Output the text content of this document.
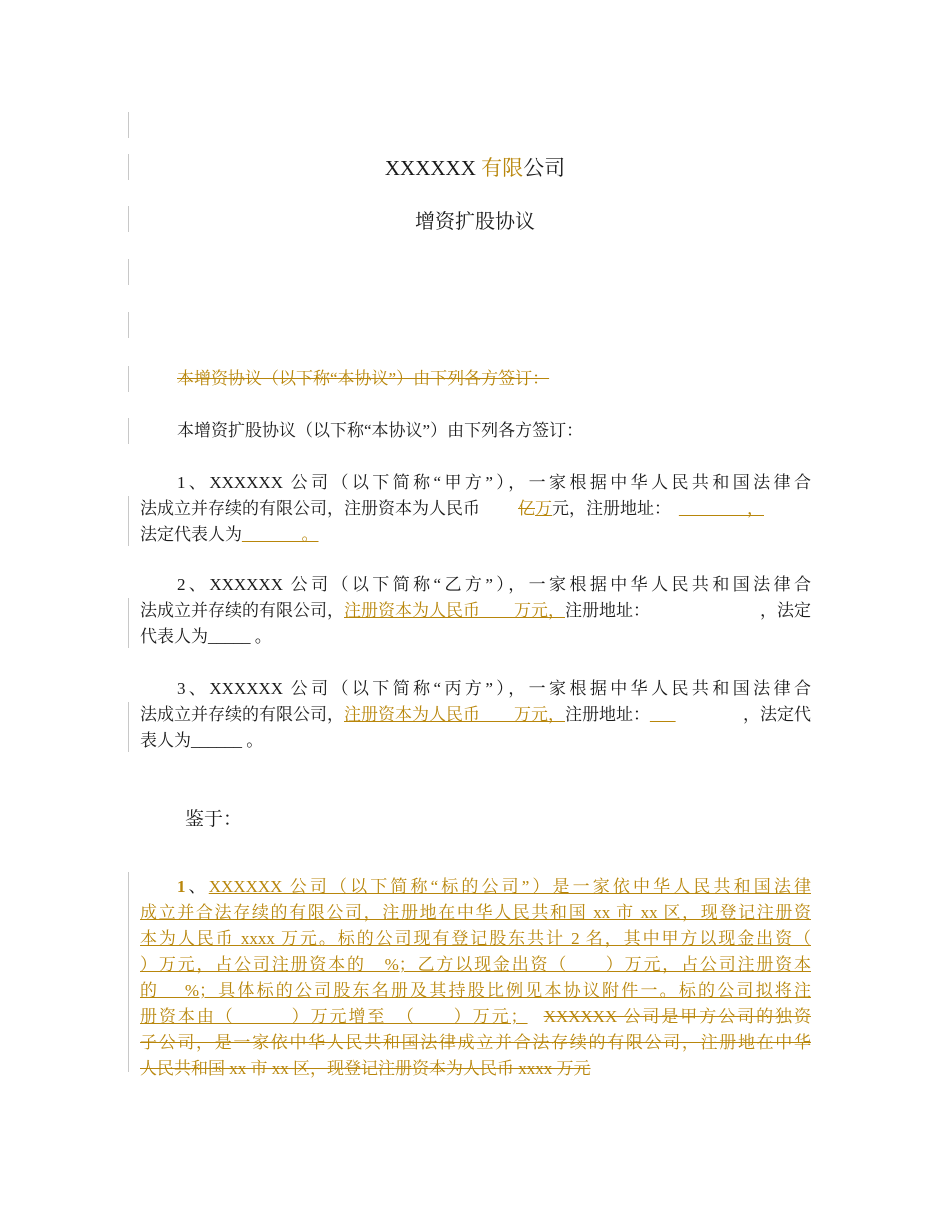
XXXXXX 有限公司
增资扩股协议
本增资协议（以下称“本协议”）由下列各方签订：
本增资扩股协议（以下称“本协议”）由下列各方签订：
1、XXXXXX 公司（以下简称“甲方”），一家根据中华人民共和国法律合
法成立并存续的有限公司，注册资本为人民币 亿万元，注册地址： ________，
法定代表人为_______。
2、XXXXXX 公司（以下简称“乙方”），一家根据中华人民共和国法律合
法成立并存续的有限公司，注册资本为人民币　　万元，注册地址：	，法定
代表人为_____ 。
3、XXXXXX 公司（以下简称“丙方”），一家根据中华人民共和国法律合
法成立并存续的有限公司，注册资本为人民币　　万元，注册地址：___	，法定代
表人为______ 。
鉴于：
1、XXXXXX 公司（以下简称“标的公司”）是一家依中华人民共和国法律
成立并合法存续的有限公司，注册地在中华人民共和国 xx 市 xx 区，现登记注册资
本为人民币 xxxx 万元。标的公司现有登记股东共计 2 名，其中甲方以现金出资（
）万元，占公司注册资本的　%；乙方以现金出资（　　）万元，占公司注册资本
的　 %；具体标的公司股东名册及其持股比例见本协议附件一。标的公司拟将注
册资本由（　　　）万元增至　（　　）万元； XXXXXX 公司是甲方公司的独资
子公司，是一家依中华人民共和国法律成立并合法存续的有限公司，注册地在中华
人民共和国 xx 市 xx 区，现登记注册资本为人民币 xxxx 万元
